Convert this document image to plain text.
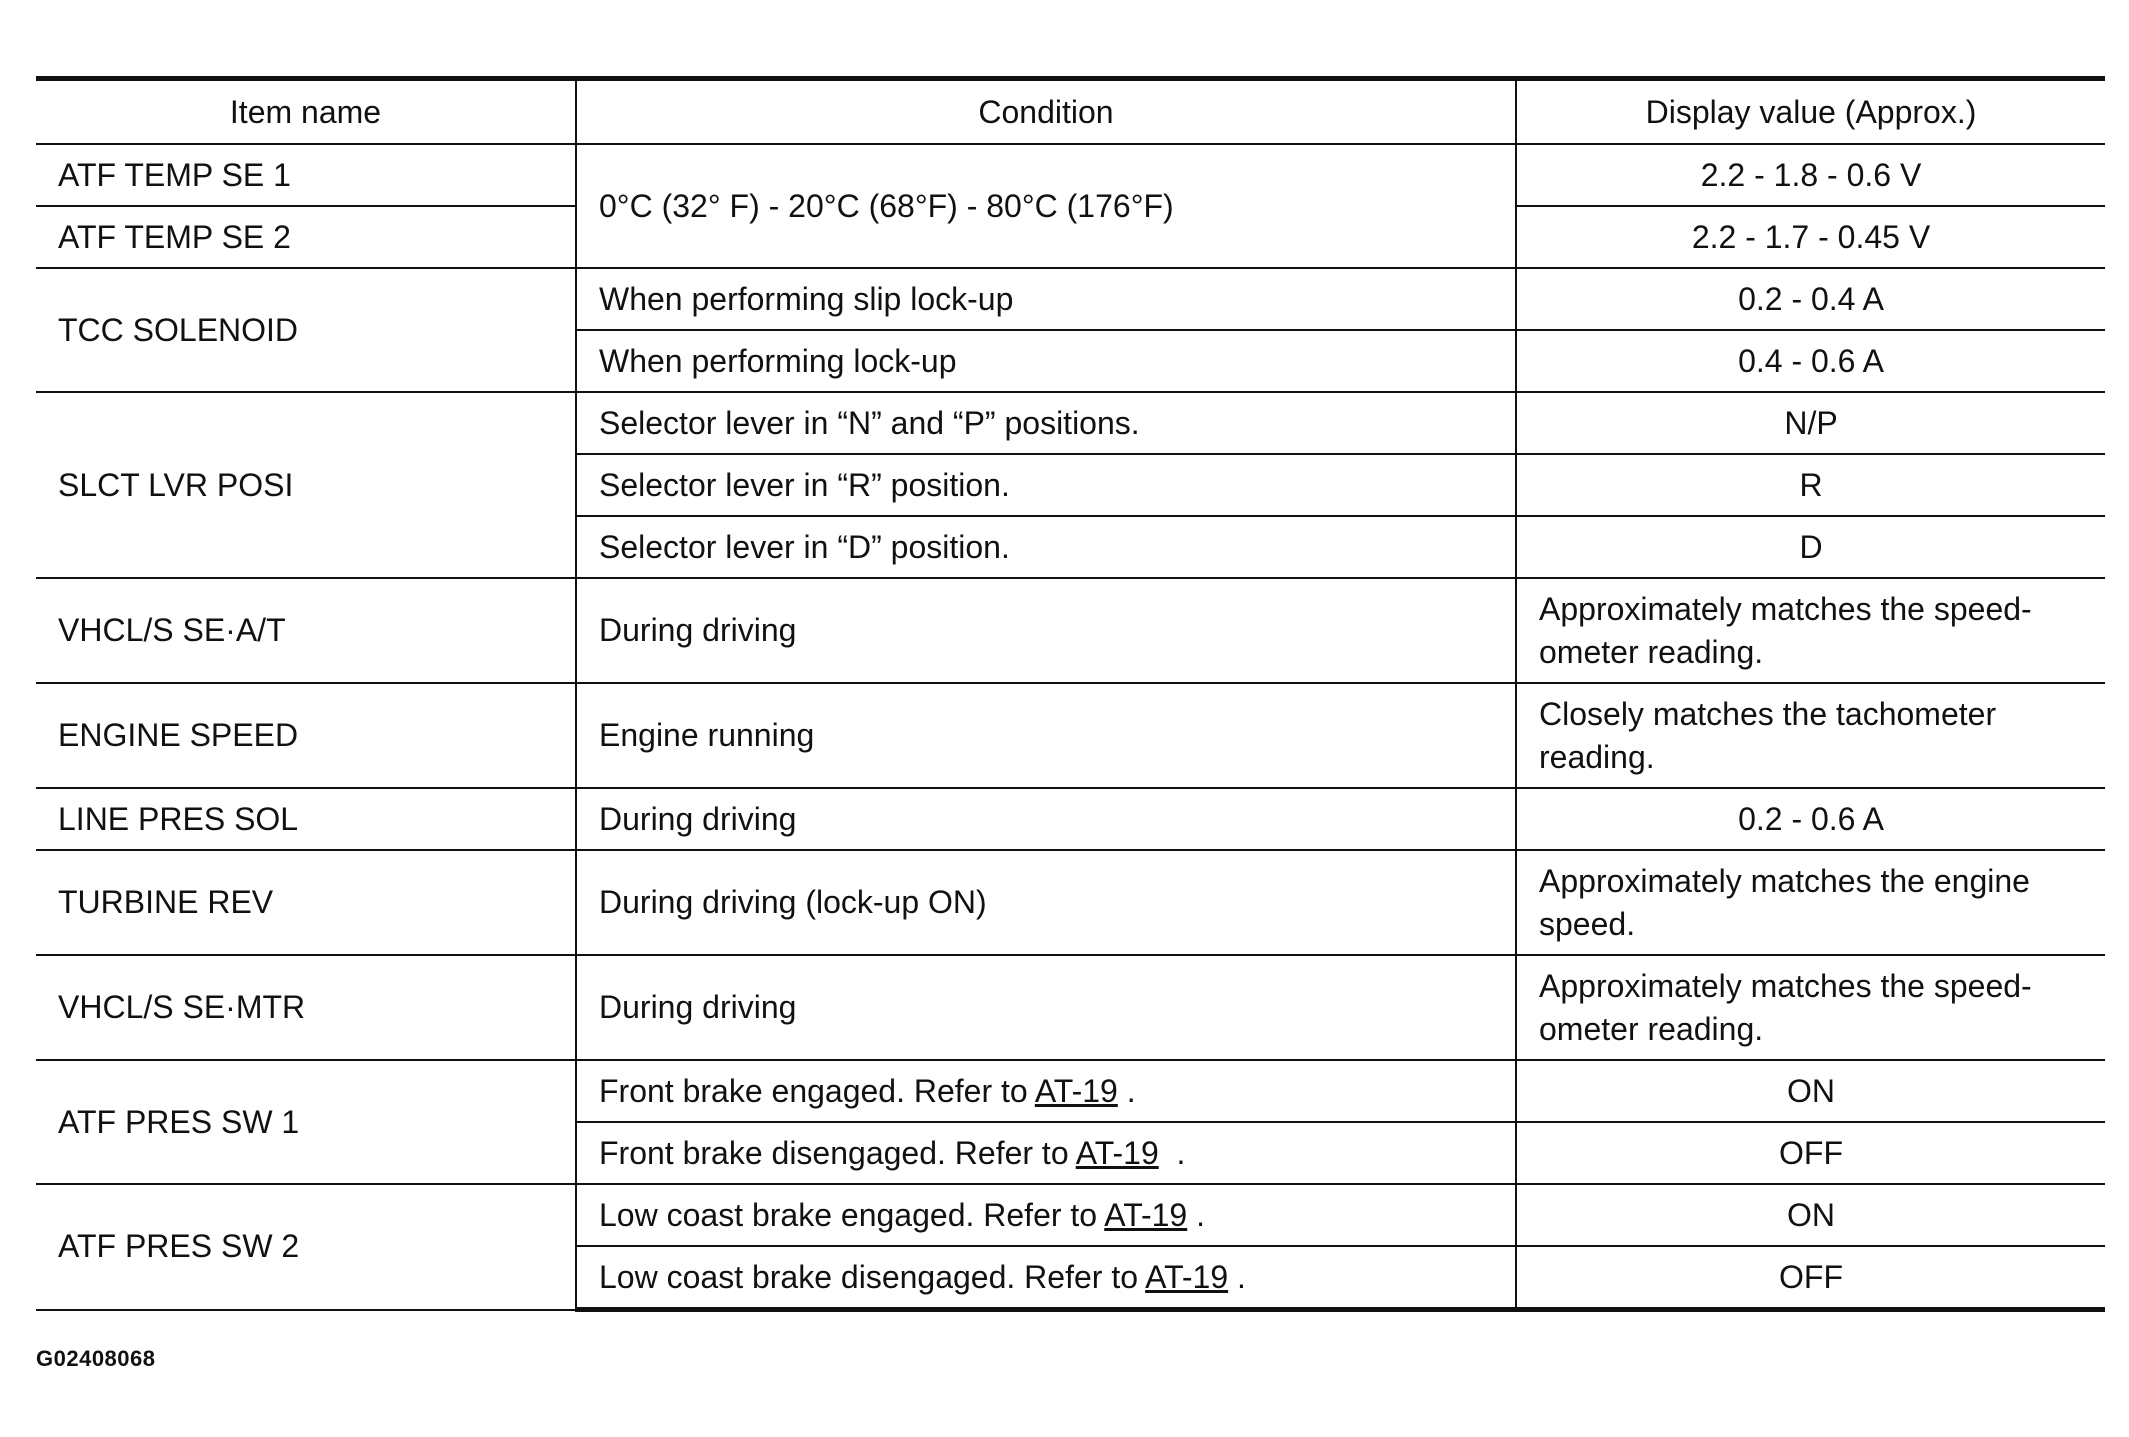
Item name	Condition	Display value (Approx.)
ATF TEMP SE 1	0°C (32° F) - 20°C (68°F) - 80°C (176°F)	2.2 - 1.8 - 0.6 V
ATF TEMP SE 2		2.2 - 1.7 - 0.45 V
TCC SOLENOID	When performing slip lock-up	0.2 - 0.4 A
	When performing lock-up	0.4 - 0.6 A
SLCT LVR POSI	Selector lever in “N” and “P” positions.	N/P
	Selector lever in “R” position.	R
	Selector lever in “D” position.	D
VHCL/S SE·A/T	During driving	Approximately matches the speed-
ometer reading.

ENGINE SPEED	Engine running	Closely matches the tachometer
reading.

LINE PRES SOL	During driving	0.2 - 0.6 A
TURBINE REV	During driving (lock-up ON)	Approximately matches the engine
speed.

VHCL/S SE·MTR	During driving	Approximately matches the speed-
ometer reading.

ATF PRES SW 1	Front brake engaged. Refer to AT-19 .	ON
	Front brake disengaged. Refer to AT-19  .	OFF
ATF PRES SW 2	Low coast brake engaged. Refer to AT-19 .	ON
	Low coast brake disengaged. Refer to AT-19 .	OFF
G02408068
